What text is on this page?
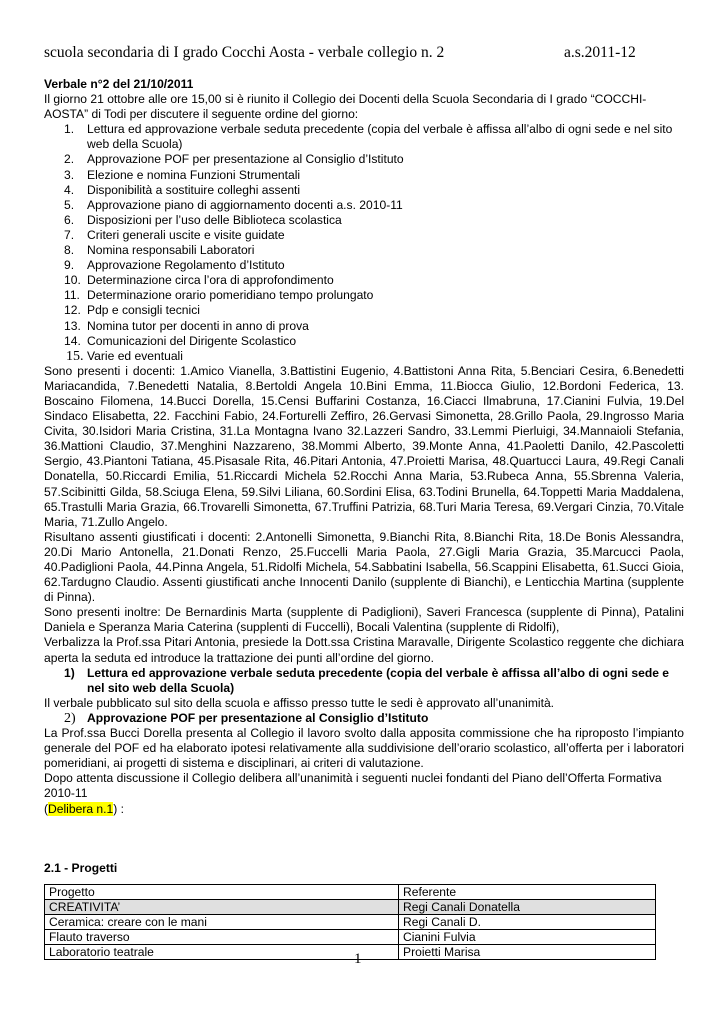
scuola secondaria di I grado Cocchi Aosta - verbale collegio n. 2	a.s.2011-12

Verbale n°2 del 21/10/2011

Il giorno 21 ottobre alle ore 15,00 si è riunito il Collegio dei Docenti della Scuola Secondaria di I grado “COCCHI-AOSTA” di Todi per discutere il seguente ordine del giorno:

1. Lettura ed approvazione verbale seduta precedente (copia del verbale è affissa all’albo di ogni sede e nel sito web della Scuola)
2. Approvazione POF per presentazione al Consiglio d’Istituto
3. Elezione e nomina Funzioni Strumentali
4. Disponibilità a sostituire colleghi assenti
5. Approvazione piano di aggiornamento docenti a.s. 2010-11
6. Disposizioni per l’uso delle Biblioteca scolastica
7. Criteri generali uscite e visite guidate
8. Nomina responsabili Laboratori
9. Approvazione Regolamento d’Istituto
10. Determinazione circa l’ora di approfondimento
11. Determinazione orario pomeridiano tempo prolungato
12. Pdp e consigli tecnici
13. Nomina tutor per docenti in anno di prova
14. Comunicazioni del Dirigente Scolastico
15. Varie ed eventuali

Sono presenti i docenti: 1.Amico Vianella, 3.Battistini Eugenio, 4.Battistoni Anna Rita, 5.Benciari Cesira, 6.Benedetti Mariacandida, 7.Benedetti Natalia, 8.Bertoldi Angela 10.Bini Emma, 11.Biocca Giulio, 12.Bordoni Federica, 13. Boscaino Filomena, 14.Bucci Dorella, 15.Censi Buffarini Costanza, 16.Ciacci Ilmabruna, 17.Cianini Fulvia, 19.Del Sindaco Elisabetta, 22. Facchini Fabio, 24.Forturelli Zeffiro, 26.Gervasi Simonetta, 28.Grillo Paola, 29.Ingrosso Maria Civita, 30.Isidori Maria Cristina, 31.La Montagna Ivano 32.Lazzeri Sandro, 33.Lemmi Pierluigi, 34.Mannaioli Stefania, 36.Mattioni Claudio, 37.Menghini Nazzareno, 38.Mommi Alberto, 39.Monte Anna, 41.Paoletti Danilo, 42.Pascoletti Sergio, 43.Piantoni Tatiana, 45.Pisasale Rita, 46.Pitari Antonia, 47.Proietti Marisa, 48.Quartucci Laura, 49.Regi Canali Donatella, 50.Riccardi Emilia, 51.Riccardi Michela 52.Rocchi Anna Maria, 53.Rubeca Anna, 55.Sbrenna Valeria, 57.Scibinitti Gilda, 58.Sciuga Elena, 59.Silvi Liliana, 60.Sordini Elisa, 63.Todini Brunella, 64.Toppetti Maria Maddalena, 65.Trastulli Maria Grazia, 66.Trovarelli Simonetta, 67.Truffini Patrizia, 68.Turi Maria Teresa, 69.Vergari Cinzia, 70.Vitale Maria, 71.Zullo Angelo.

Risultano assenti giustificati i docenti: 2.Antonelli Simonetta, 9.Bianchi Rita, 8.Bianchi Rita, 18.De Bonis Alessandra, 20.Di Mario Antonella, 21.Donati Renzo, 25.Fuccelli Maria Paola, 27.Gigli Maria Grazia, 35.Marcucci Paola, 40.Padiglioni Paola, 44.Pinna Angela, 51.Ridolfi Michela, 54.Sabbatini Isabella, 56.Scappini Elisabetta, 61.Succi Gioia, 62.Tardugno Claudio. Assenti giustificati anche Innocenti Danilo (supplente di Bianchi), e Lenticchia Martina (supplente di Pinna).

Sono presenti inoltre: De Bernardinis Marta (supplente di Padiglioni), Saveri Francesca (supplente di Pinna), Patalini Daniela e Speranza Maria Caterina (supplenti di Fuccelli), Bocali Valentina (supplente di Ridolfi),

Verbalizza la Prof.ssa Pitari Antonia, presiede la Dott.ssa Cristina Maravalle, Dirigente Scolastico reggente che dichiara aperta la seduta ed introduce la trattazione dei punti all’ordine del giorno.

1) Lettura ed approvazione verbale seduta precedente (copia del verbale è affissa all’albo di ogni sede e nel sito web della Scuola)

Il verbale pubblicato sul sito della scuola e affisso presso tutte le sedi è approvato all’unanimità.

2) Approvazione POF per presentazione al Consiglio d’Istituto

La Prof.ssa Bucci Dorella presenta al Collegio il lavoro svolto dalla apposita commissione che ha riproposto l’impianto generale del POF ed ha elaborato ipotesi relativamente alla suddivisione dell’orario scolastico, all’offerta per i laboratori pomeridiani, ai progetti di sistema e disciplinari, ai criteri di valutazione.

Dopo attenta discussione il Collegio delibera all’unanimità i seguenti nuclei fondanti del Piano dell’Offerta Formativa 2010-11
(Delibera n.1) :

2.1 - Progetti

Progetto	Referente
CREATIVITA’	Regi Canali Donatella
Ceramica: creare con le mani	Regi Canali D.
Flauto traverso	Cianini Fulvia
Laboratorio teatrale	Proietti Marisa
1
